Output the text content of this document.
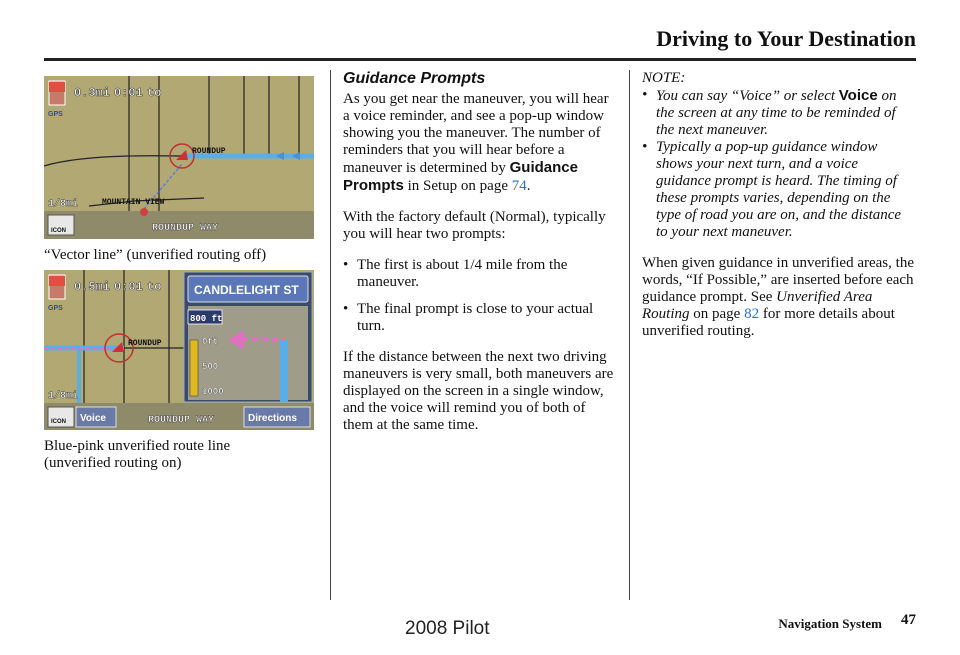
Driving to Your Destination
0.3mi 0:01 to
GPS
ROUNDUP
MOUNTAIN VIEW
1/8mi
ICON	ROUNDUP WAY
“Vector line” (unverified routing off)
0.5mi 0:01 to
GPS
ROUNDUP
CANDLELIGHT ST
800 ft
0ft
500
1000
1/8mi
ICON Voice	ROUNDUP WAY	Directions
Blue-pink unverified route line
(unverified routing on)
Guidance Prompts

As you get near the maneuver, you will hear a voice reminder, and see a pop-up window showing you the maneuver. The number of reminders that you will hear before a maneuver is determined by Guidance Prompts in Setup on page 74.

With the factory default (Normal), typically you will hear two prompts:

• The first is about 1/4 mile from the maneuver.
• The final prompt is close to your actual turn.

If the distance between the next two driving maneuvers is very small, both maneuvers are displayed on the screen in a single window, and the voice will remind you of both of them at the same time.

NOTE:
• You can say “Voice” or select Voice on the screen at any time to be reminded of the next maneuver.
• Typically a pop-up guidance window shows your next turn, and a voice guidance prompt is heard. The timing of these prompts varies, depending on the type of road you are on, and the distance to your next maneuver.

When given guidance in unverified areas, the words, “If Possible,” are inserted before each guidance prompt. See Unverified Area Routing on page 82 for more details about unverified routing.

Navigation System 47
2008 Pilot
